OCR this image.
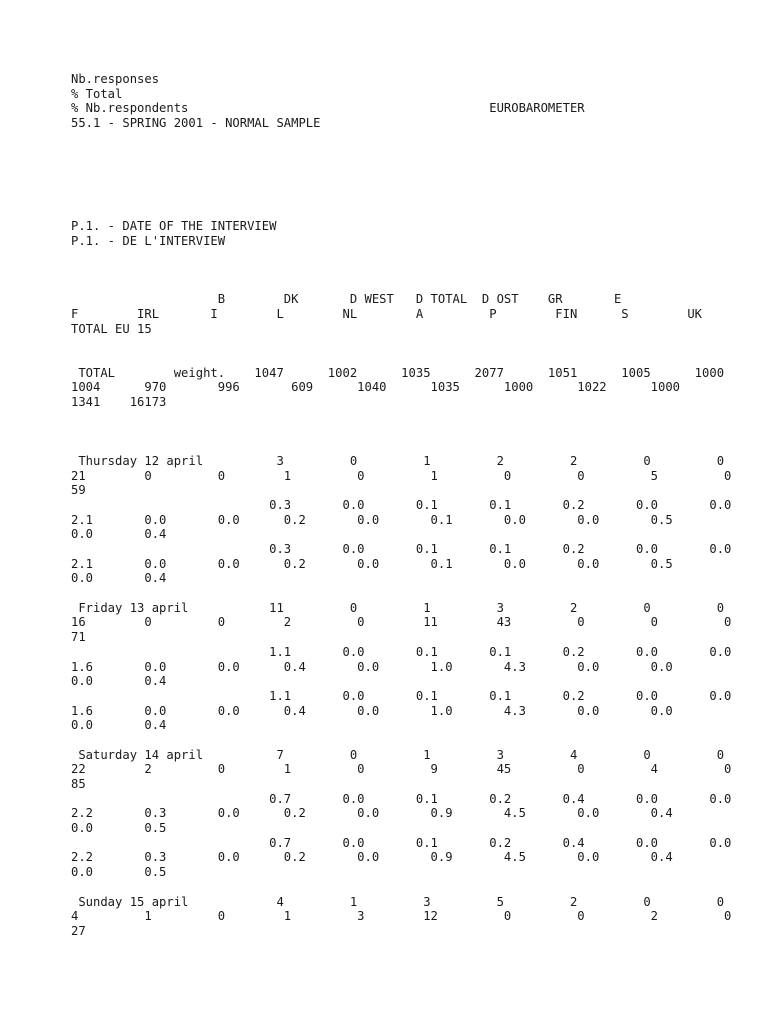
Nb.responses
% Total
% Nb.respondents                                         EUROBAROMETER
55.1 - SPRING 2001 - NORMAL SAMPLE
P.1. - DATE OF THE INTERVIEW
P.1. - DE L'INTERVIEW
B        DK       D WEST   D TOTAL  D OST    GR       E
F        IRL       I        L        NL        A         P        FIN      S        UK
TOTAL EU 15
TOTAL        weight.    1047      1002      1035      2077      1051      1005      1000
1004      970       996       609      1040      1035      1000      1022      1000
1341    16173
Thursday 12 april          3         0         1         2         2         0         0
21        0         0        1         0         1         0         0         5         0
59
0.3       0.0       0.1       0.1       0.2       0.0       0.0
2.1       0.0       0.0      0.2       0.0       0.1       0.0       0.0       0.5
0.0       0.4
0.3       0.0       0.1       0.1       0.2       0.0       0.0
2.1       0.0       0.0      0.2       0.0       0.1       0.0       0.0       0.5
0.0       0.4
Friday 13 april           11         0         1         3         2         0         0
16        0         0        2         0        11        43         0         0         0
71
1.1       0.0       0.1       0.1       0.2       0.0       0.0
1.6       0.0       0.0      0.4       0.0       1.0       4.3       0.0       0.0
0.0       0.4
1.1       0.0       0.1       0.1       0.2       0.0       0.0
1.6       0.0       0.0      0.4       0.0       1.0       4.3       0.0       0.0
0.0       0.4
Saturday 14 april          7         0         1         3         4         0         0
22        2         0        1         0         9        45         0         4         0
85
0.7       0.0       0.1       0.2       0.4       0.0       0.0
2.2       0.3       0.0      0.2       0.0       0.9       4.5       0.0       0.4
0.0       0.5
0.7       0.0       0.1       0.2       0.4       0.0       0.0
2.2       0.3       0.0      0.2       0.0       0.9       4.5       0.0       0.4
0.0       0.5
Sunday 15 april            4         1         3         5         2         0         0
4         1         0        1         3        12         0         0         2         0
27
